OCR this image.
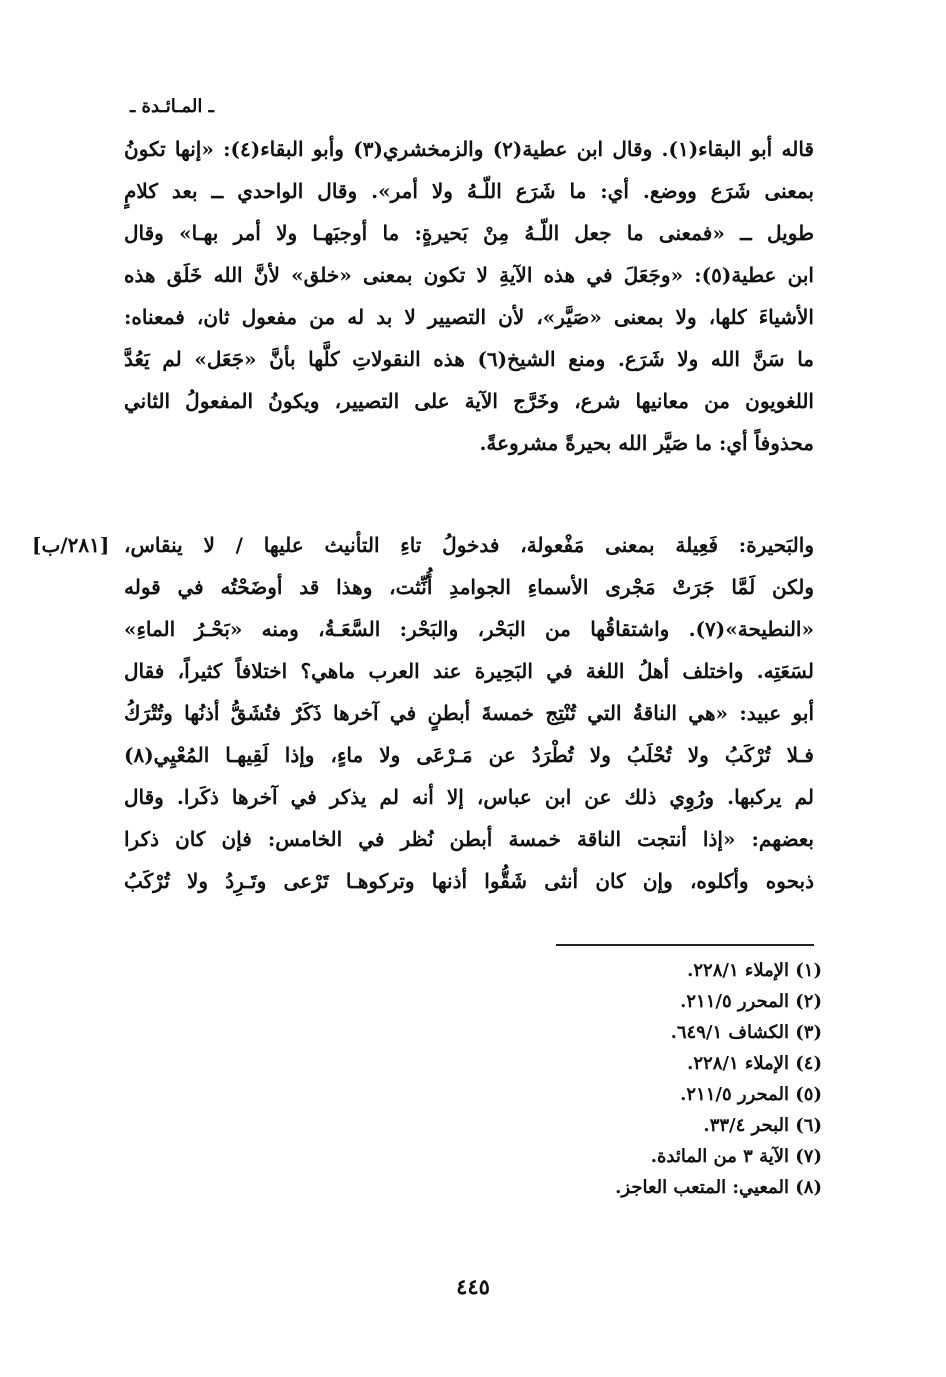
ـ المـائـدة ـ
قاله أبو البقاء(١). وقال ابن عطية(٢) والزمخشري(٣) وأبو البقاء(٤): «إنها تكونُ
بمعنى شَرَع ووضع. أي: ما شَرَع اللّـهُ ولا أمر». وقال الواحدي ــ بعد كلامٍ
طويل ــ «فمعنى ما جعل اللّـهُ مِنْ بَحيرةٍ: ما أوجبَهـا ولا أمر بهـا» وقال
ابن عطية(٥): «وجَعَلَ في هذه الآيةِ لا تكون بمعنى «خلق» لأنَّ الله خَلَق هذه
الأشياءَ كلها، ولا بمعنى «صَيَّر»، لأن التصيير لا بد له من مفعول ثان، فمعناه:
ما سَنَّ الله ولا شَرَع. ومنع الشيخ(٦) هذه النقولاتِ كلَّها بأنَّ «جَعَل» لم يَعُدَّ
اللغويون من معانيها شرع، وخَرَّج الآية على التصيير، ويكونُ المفعولُ الثاني
محذوفاً أي: ما صَيَّر الله بحيرةً مشروعةً.
[٢٨١/ب] والبَحيرة: فَعِيلة بمعنى مَفْعولة، فدخولُ تاءِ التأنيث عليها / لا ينقاس،
ولكن لَمَّا جَرَتْ مَجْرى الأسماءِ الجوامدِ أُنِّثت، وهذا قد أوضَحْتُه في قوله
«النطيحة»(٧). واشتقاقُها من البَحْر، والبَحْر: السَّعَـةُ، ومنه «بَحْـرُ الماءِ»
لسَعَتِه. واختلف أهلُ اللغة في البَحِيرة عند العرب ماهي؟ اختلافاً كثيراً، فقال
أبو عبيد: «هي الناقةُ التي تُنْتِج خمسةَ أبطنٍ في آخرها ذَكَرٌ فتُشَقُّ أذنُها وتُتْرَكُ
فـلا تُرْكَبُ ولا تُحْلَبُ ولا تُطْرَدُ عن مَـرْعَى ولا ماءٍ، وإذا لَقِيهـا المُعْيِي(٨)
لم يركبها. ورُوِي ذلك عن ابن عباس، إلا أنه لم يذكر في آخرها ذكَرا. وقال
بعضهم: «إذا أنتجت الناقة خمسة أبطن نُظر في الخامس: فإن كان ذكرا
ذبحوه وأكلوه، وإن كان أنثى شَقُّوا أذنها وتركوهـا تَرْعى وتَـرِدُ ولا تُرْكَبُ
(١) الإملاء ٢٢٨/١.
(٢) المحرر ٢١١/٥.
(٣) الكشاف ٦٤٩/١.
(٤) الإملاء ٢٢٨/١.
(٥) المحرر ٢١١/٥.
(٦) البحر ٣٣/٤.
(٧) الآية ٣ من المائدة.
(٨) المعيي: المتعب العاجز.
٤٤٥
